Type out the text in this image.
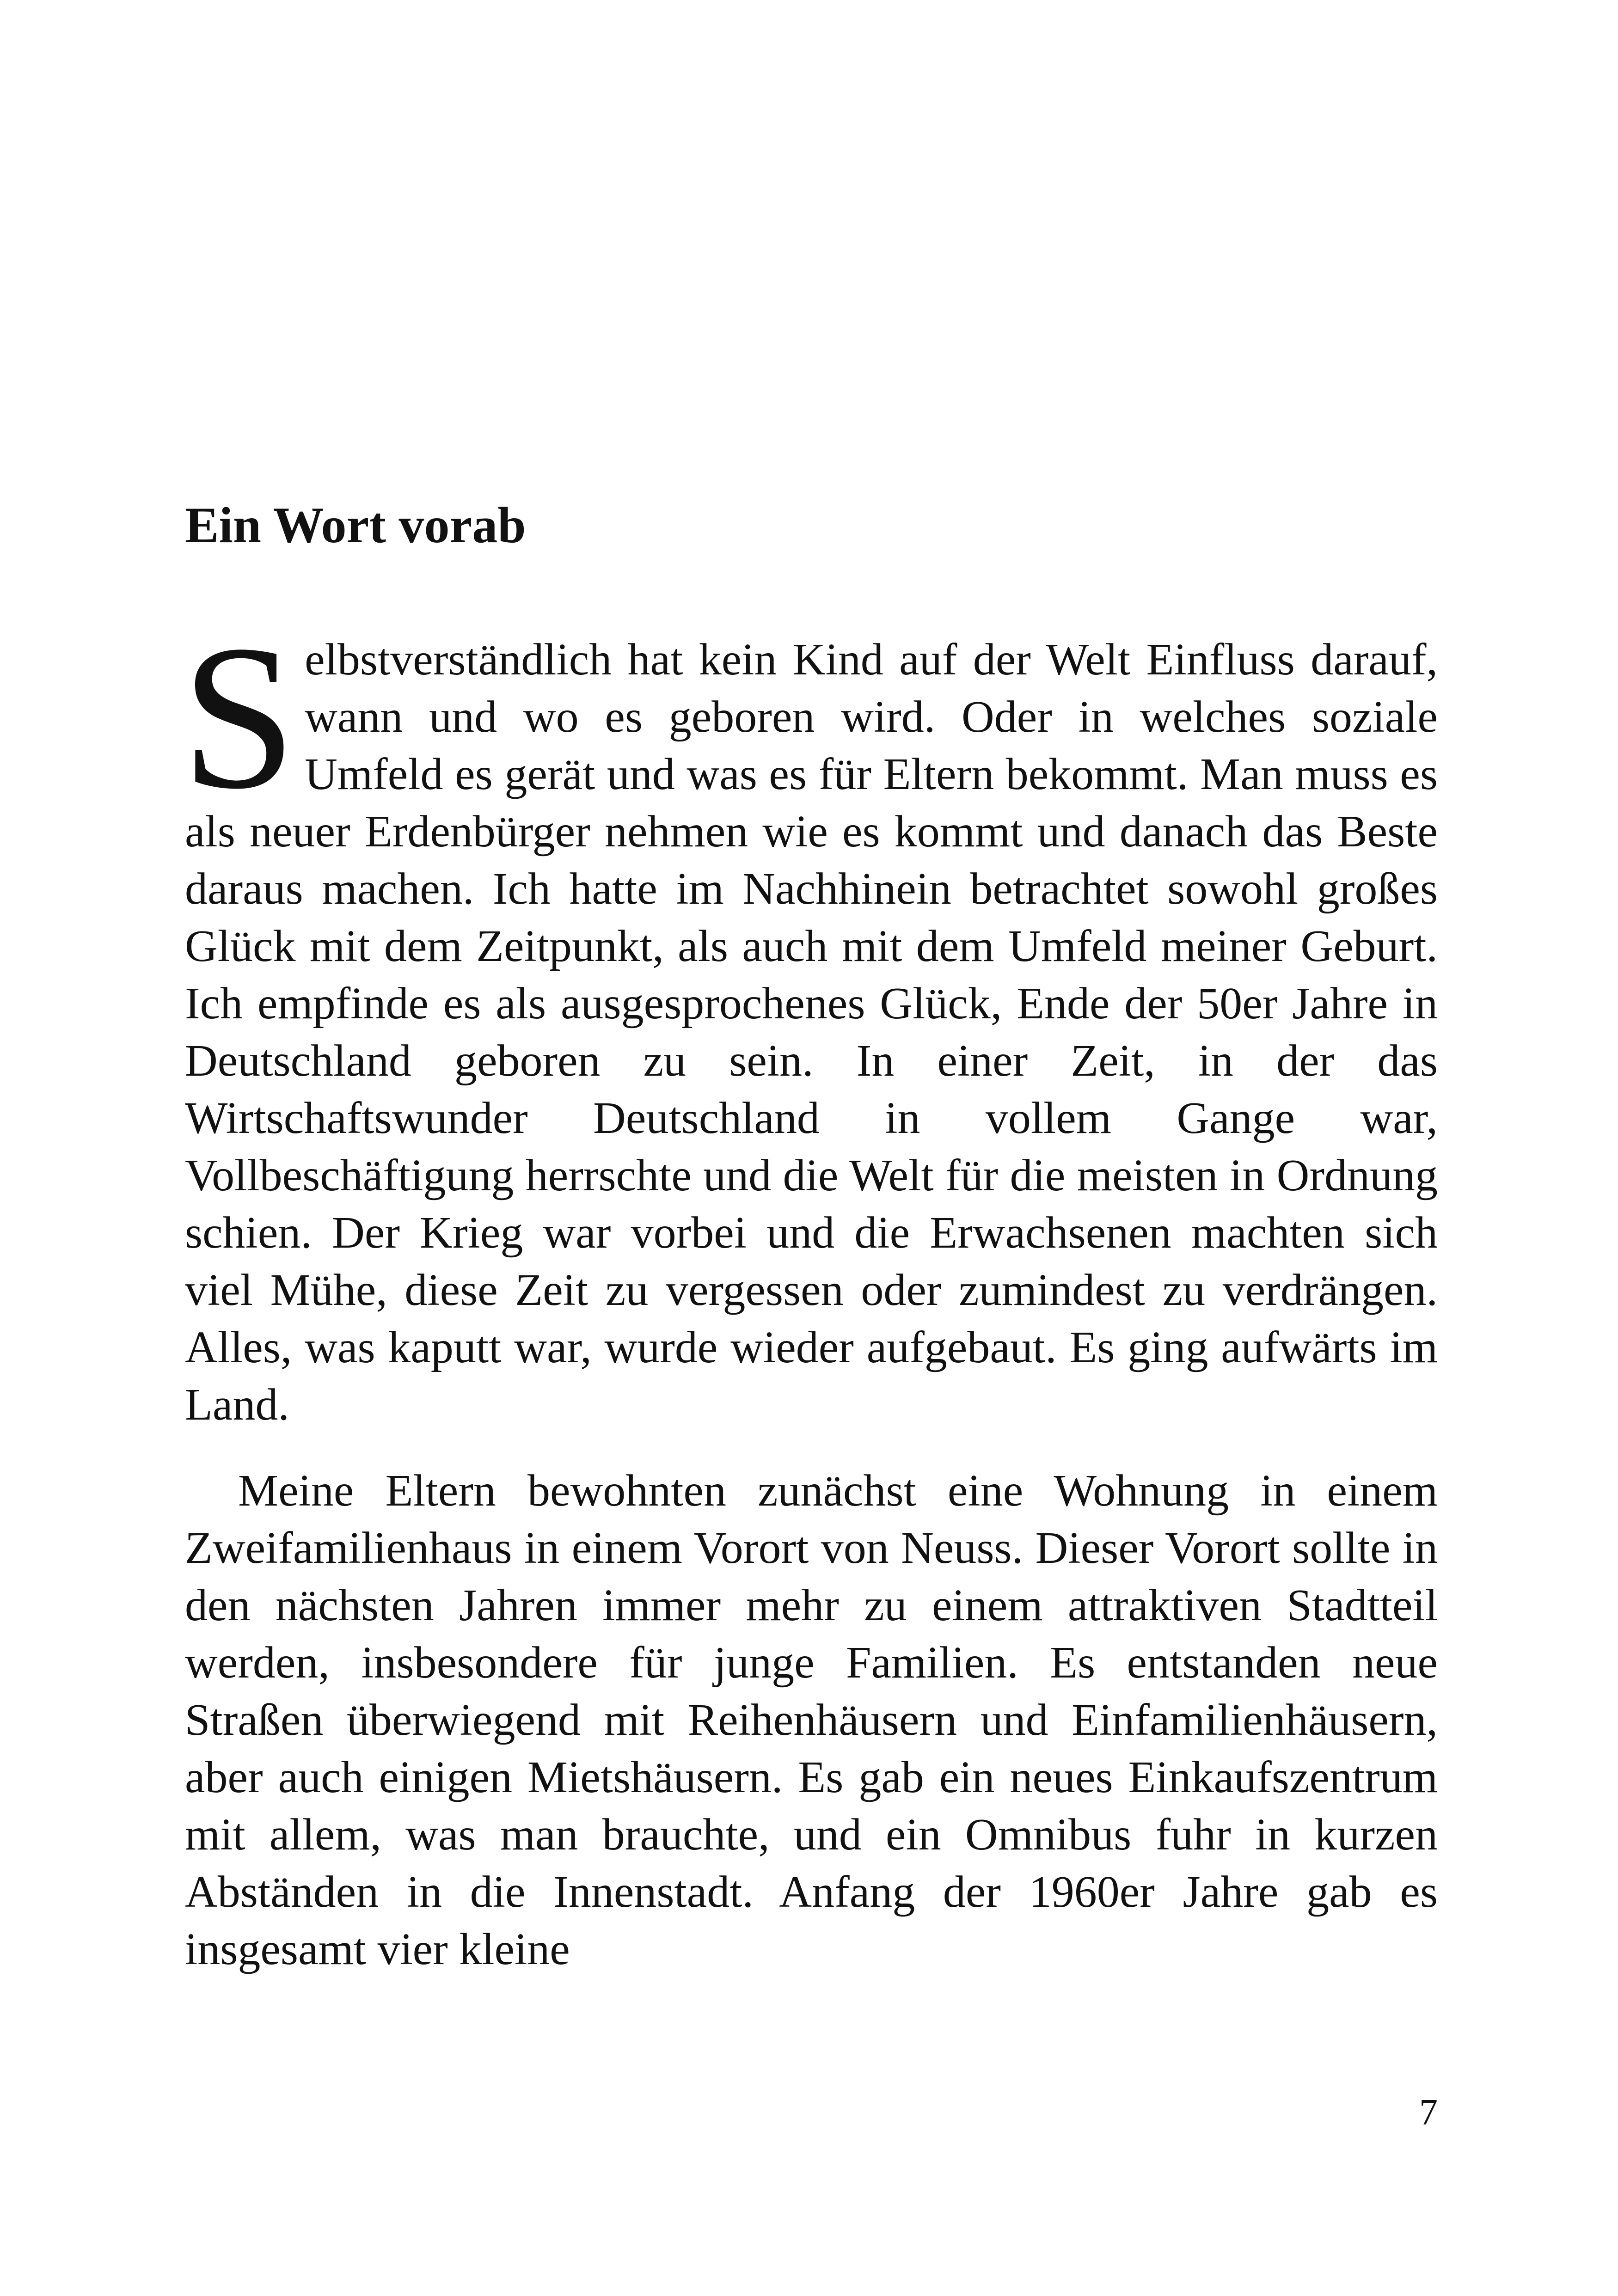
Ein Wort vorab

Selbstverständlich hat kein Kind auf der Welt Einfluss darauf, wann und wo es geboren wird. Oder in welches soziale Umfeld es gerät und was es für Eltern bekommt. Man muss es als neuer Erdenbürger nehmen wie es kommt und danach das Beste daraus machen. Ich hatte im Nachhinein betrachtet sowohl großes Glück mit dem Zeitpunkt, als auch mit dem Umfeld meiner Geburt. Ich empfinde es als ausgesprochenes Glück, Ende der 50er Jahre in Deutschland geboren zu sein. In einer Zeit, in der das Wirtschaftswunder Deutschland in vollem Gange war, Vollbeschäftigung herrschte und die Welt für die meisten in Ordnung schien. Der Krieg war vorbei und die Erwachsenen machten sich viel Mühe, diese Zeit zu vergessen oder zumindest zu verdrängen. Alles, was kaputt war, wurde wieder aufgebaut. Es ging aufwärts im Land.

Meine Eltern bewohnten zunächst eine Wohnung in einem Zweifamilienhaus in einem Vorort von Neuss. Dieser Vorort sollte in den nächsten Jahren immer mehr zu einem attraktiven Stadtteil werden, insbesondere für junge Familien. Es entstanden neue Straßen überwiegend mit Reihenhäusern und Einfamilienhäusern, aber auch einigen Mietshäusern. Es gab ein neues Einkaufszentrum mit allem, was man brauchte, und ein Omnibus fuhr in kurzen Abständen in die Innenstadt. Anfang der 1960er Jahre gab es insgesamt vier kleine

7
